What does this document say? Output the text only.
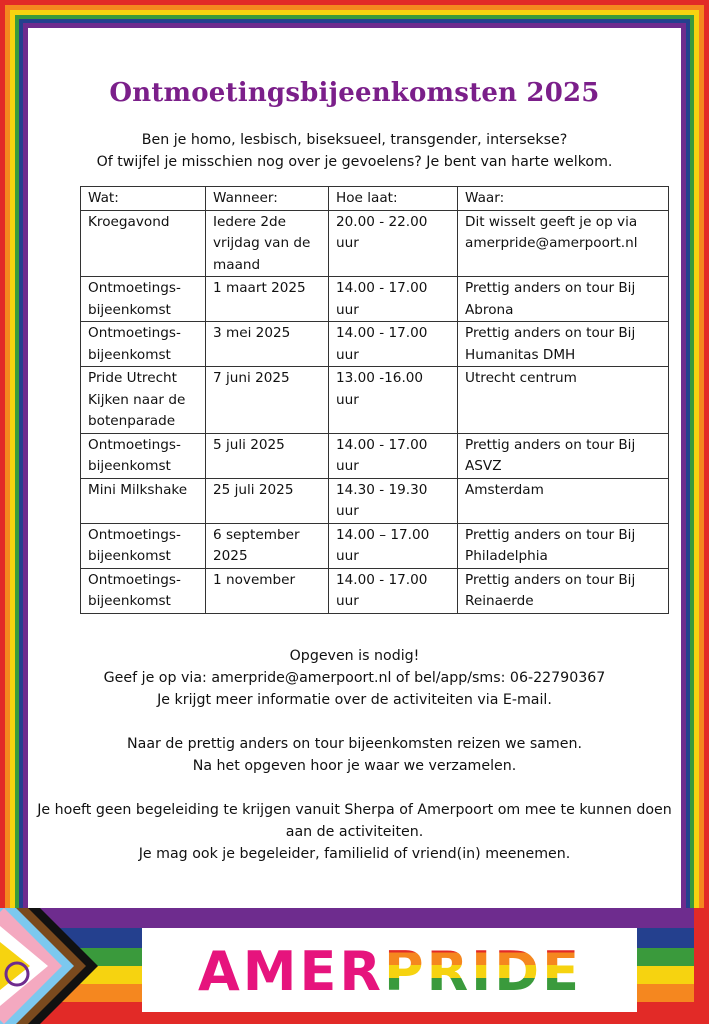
Ontmoetingsbijeenkomsten 2025
Ben je homo, lesbisch, biseksueel, transgender, intersekse?
Of twijfel je misschien nog over je gevoelens? Je bent van harte welkom.
Wat:	Wanneer:	Hoe laat:	Waar:
Kroegavond	Iedere 2de vrijdag van de maand	20.00 - 22.00 uur	Dit wisselt geeft je op via amerpride@amerpoort.nl
Ontmoetings-bijeenkomst	1 maart 2025	14.00 - 17.00 uur	Prettig anders on tour Bij Abrona
Ontmoetings-bijeenkomst	3 mei 2025	14.00 - 17.00 uur	Prettig anders on tour Bij Humanitas DMH
Pride Utrecht Kijken naar de botenparade	7 juni 2025	13.00 -16.00 uur	Utrecht centrum
Ontmoetings-bijeenkomst	5 juli 2025	14.00 - 17.00 uur	Prettig anders on tour Bij ASVZ
Mini Milkshake	25 juli 2025	14.30 - 19.30 uur	Amsterdam
Ontmoetings-bijeenkomst	6 september 2025	14.00 – 17.00 uur	Prettig anders on tour Bij Philadelphia
Ontmoetings-bijeenkomst	1 november	14.00 - 17.00 uur	Prettig anders on tour Bij Reinaerde

Opgeven is nodig!

Geef je op via: amerpride@amerpoort.nl of bel/app/sms: 06-22790367

Je krijgt meer informatie over de activiteiten via E-mail.

Naar de prettig anders on tour bijeenkomsten reizen we samen.

Na het opgeven hoor je waar we verzamelen.

Je hoeft geen begeleiding te krijgen vanuit Sherpa of Amerpoort om mee te kunnen doen aan de activiteiten.

Je mag ook je begeleider, familielid of vriend(in) meenemen.

AMERPRIDE
